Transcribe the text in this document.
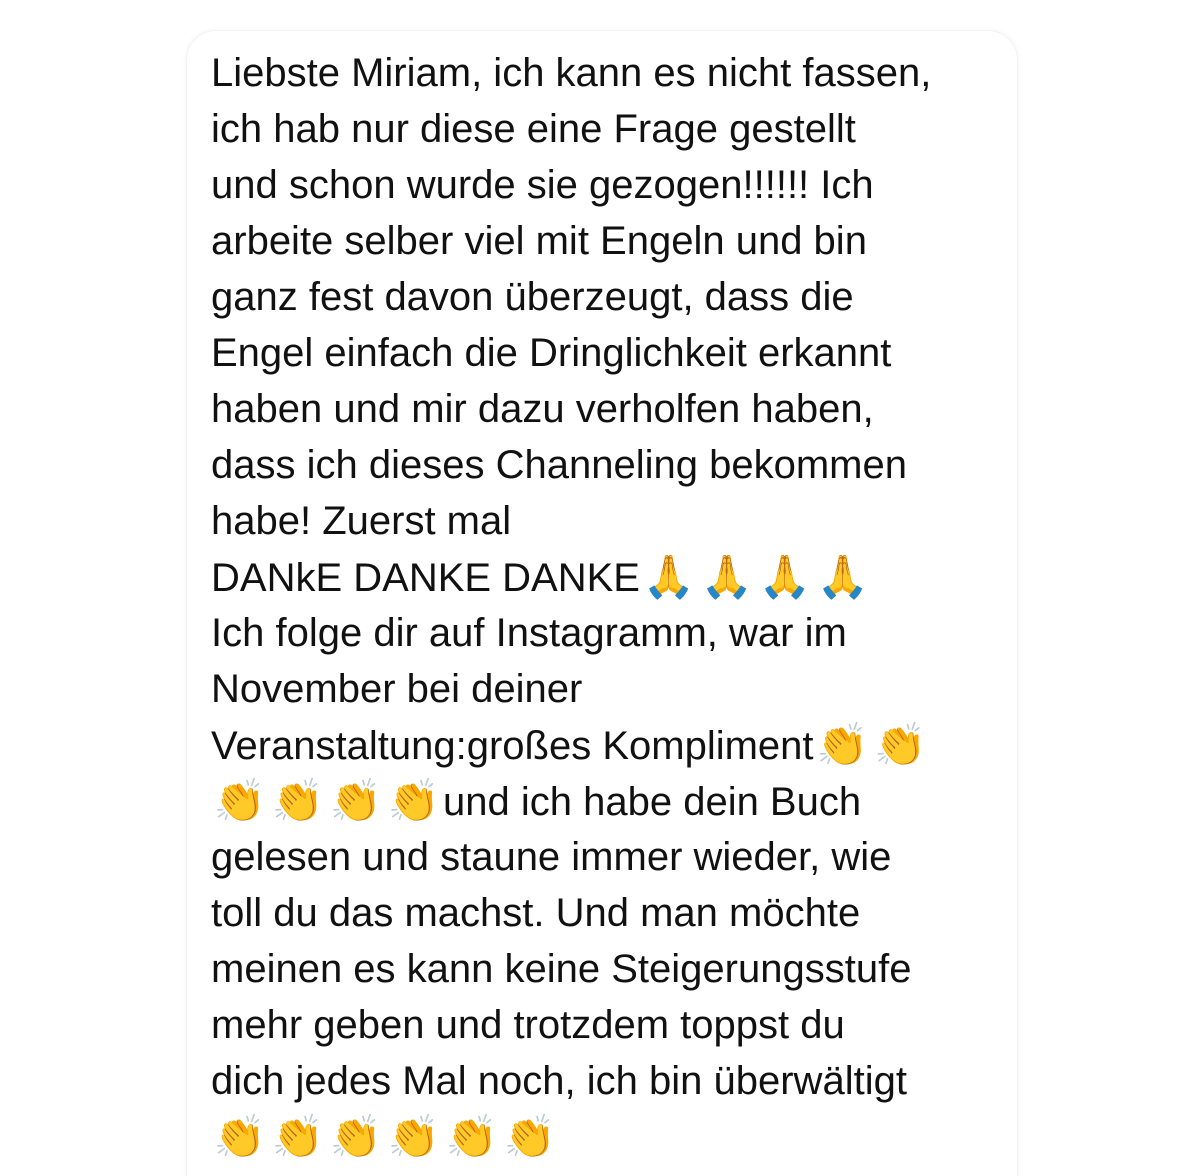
Liebste Miriam, ich kann es nicht fassen,
ich hab nur diese eine Frage gestellt
und schon wurde sie gezogen!!!!!! Ich
arbeite selber viel mit Engeln und bin
ganz fest davon überzeugt, dass die
Engel einfach die Dringlichkeit erkannt
haben und mir dazu verholfen haben,
dass ich dieses Channeling bekommen
habe! Zuerst mal
DANkE DANKE DANKE🙏 🙏 🙏 🙏
Ich folge dir auf Instagramm, war im
November bei deiner
Veranstaltung:großes Kompliment👏 👏
👏 👏 👏 👏und ich habe dein Buch
gelesen und staune immer wieder, wie
toll du das machst. Und man möchte
meinen es kann keine Steigerungsstufe
mehr geben und trotzdem toppst du
dich jedes Mal noch, ich bin überwältigt
👏 👏 👏 👏 👏 👏
